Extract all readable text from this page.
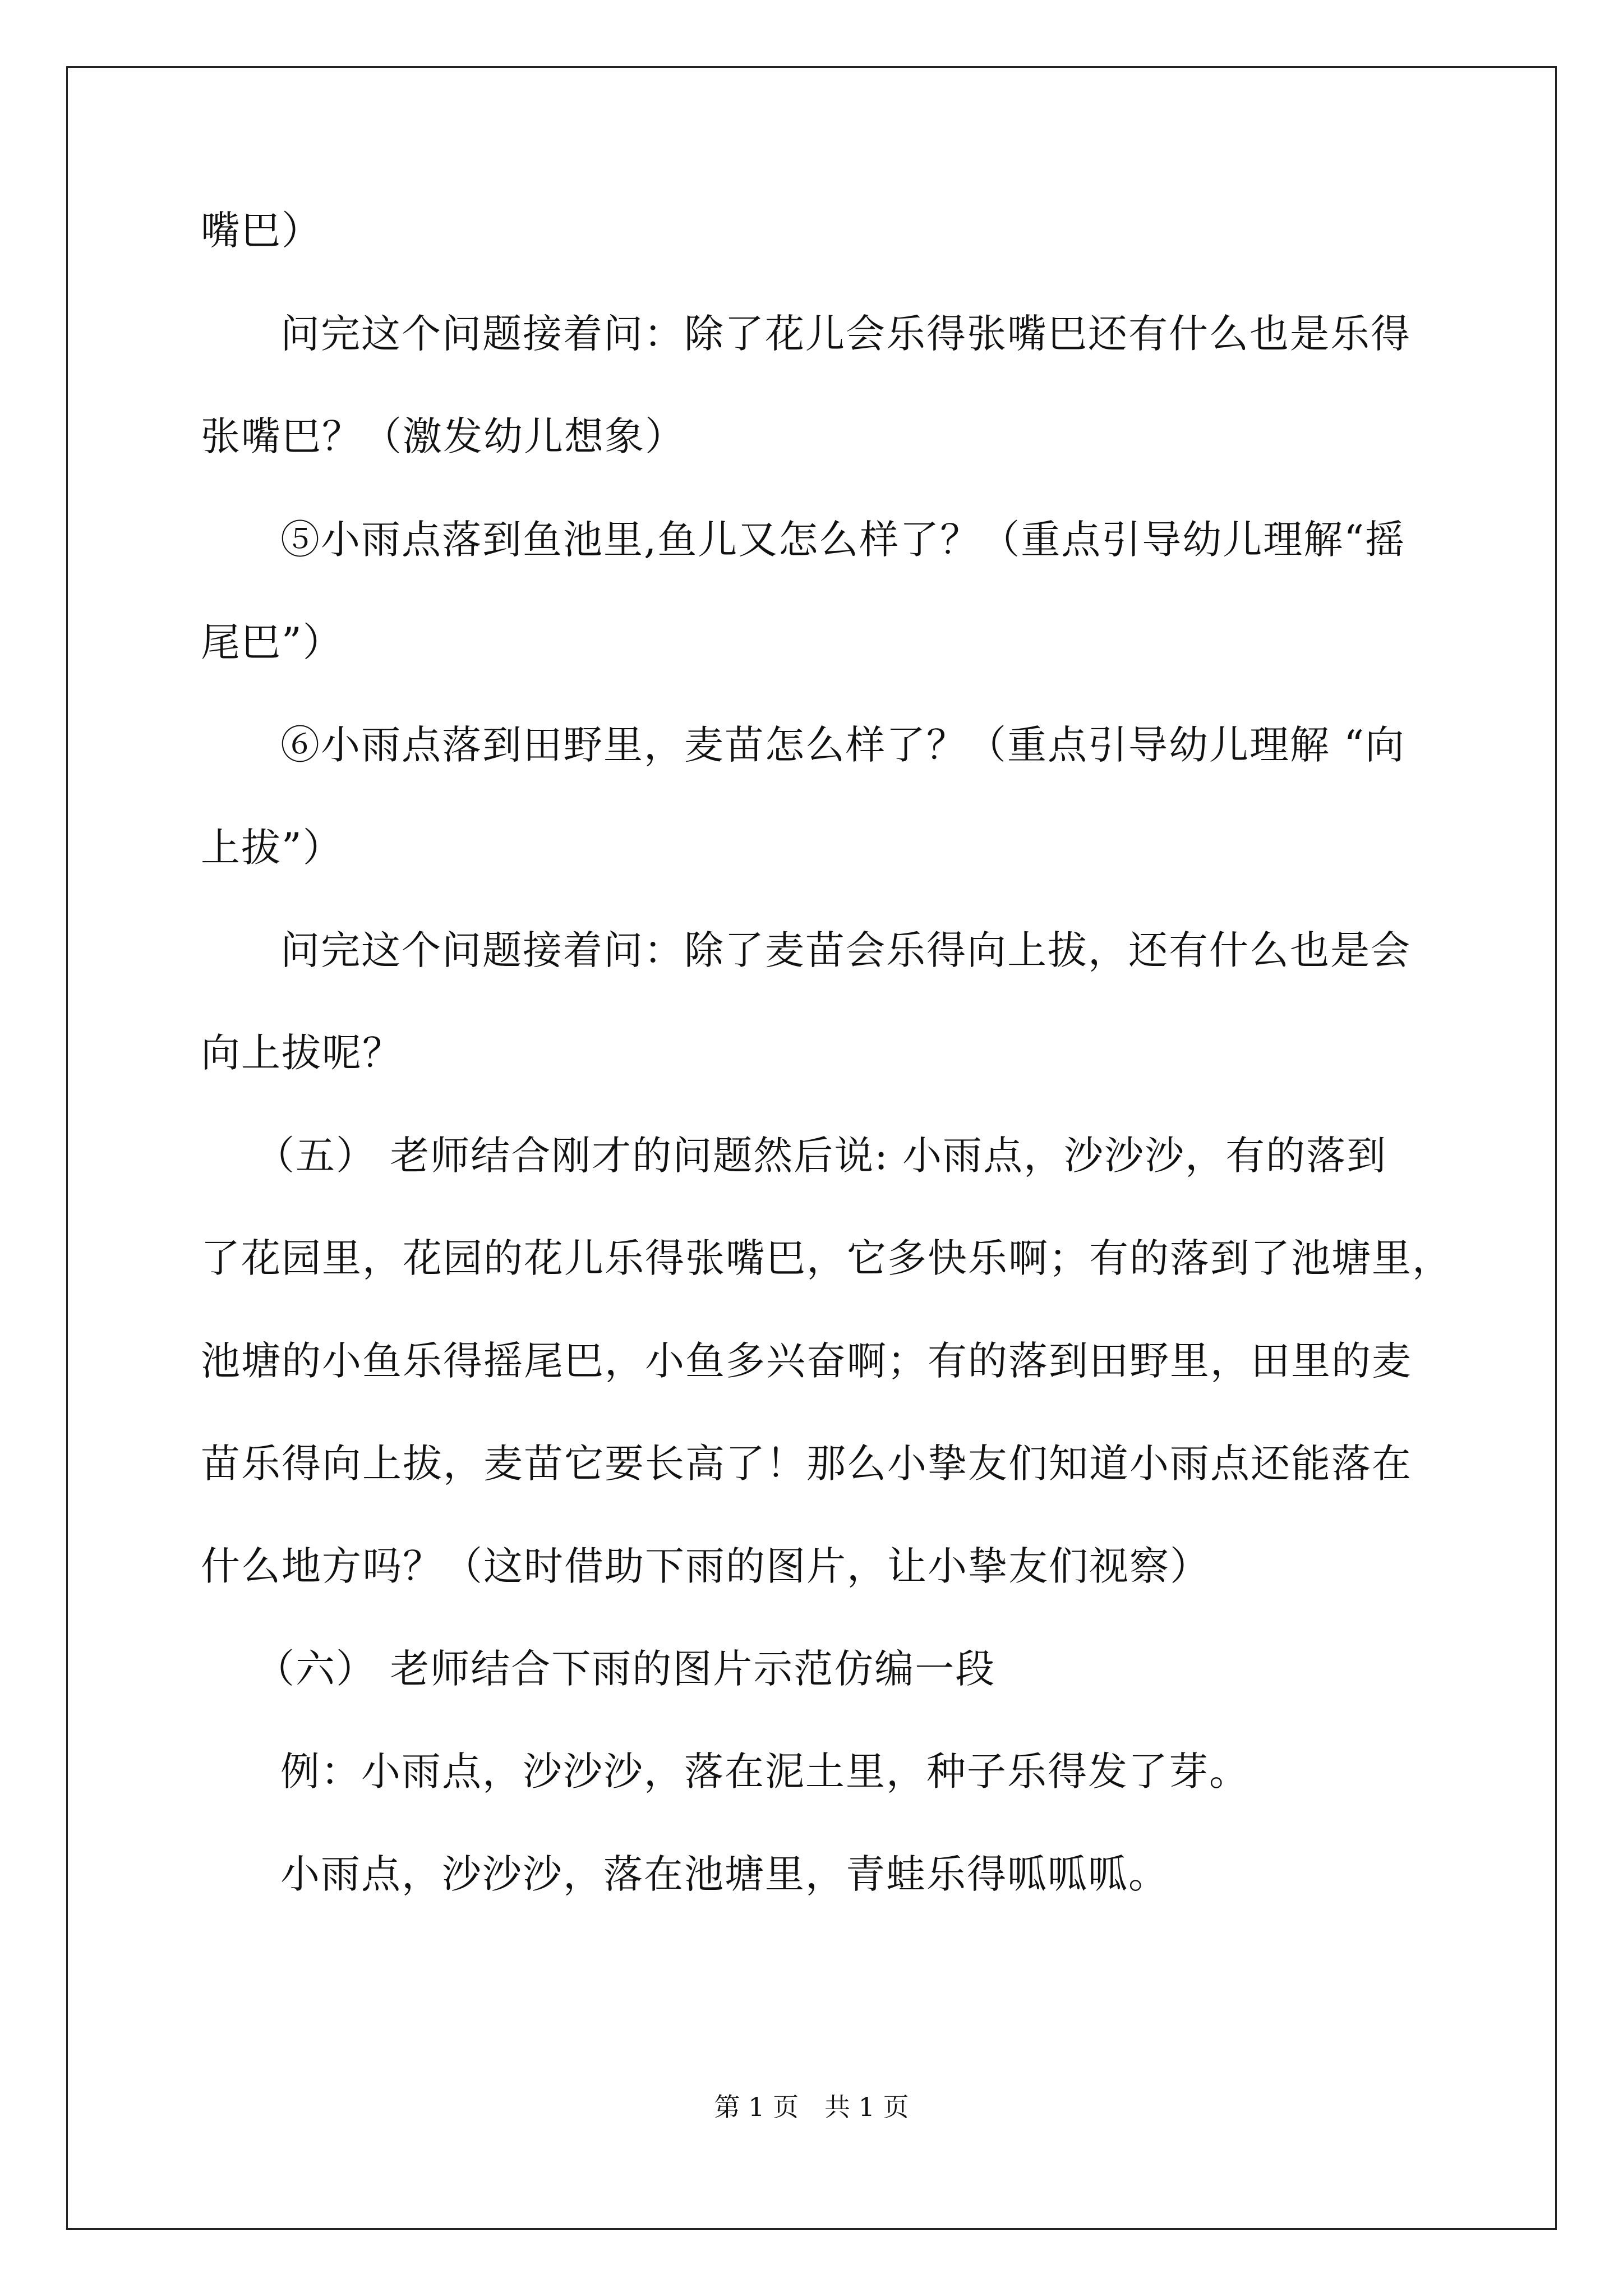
嘴巴）
问完这个问题接着问：除了花儿会乐得张嘴巴还有什么也是乐得
张嘴巴？（激发幼儿想象）
⑤小雨点落到鱼池里,鱼儿又怎么样了？（重点引导幼儿理解“摇
尾巴”）
⑥小雨点落到田野里，麦苗怎么样了？（重点引导幼儿理解 “向
上拔”）
问完这个问题接着问：除了麦苗会乐得向上拔，还有什么也是会
向上拔呢？
（五） 老师结合刚才的问题然后说: 小雨点，沙沙沙，有的落到
了花园里，花园的花儿乐得张嘴巴，它多快乐啊；有的落到了池塘里，
池塘的小鱼乐得摇尾巴，小鱼多兴奋啊；有的落到田野里，田里的麦
苗乐得向上拔，麦苗它要长高了！那么小挚友们知道小雨点还能落在
什么地方吗？（这时借助下雨的图片，让小挚友们视察）
（六） 老师结合下雨的图片示范仿编一段
例：小雨点，沙沙沙，落在泥土里，种子乐得发了芽。
小雨点，沙沙沙，落在池塘里，青蛙乐得呱呱呱。
第 1 页　共 1 页
